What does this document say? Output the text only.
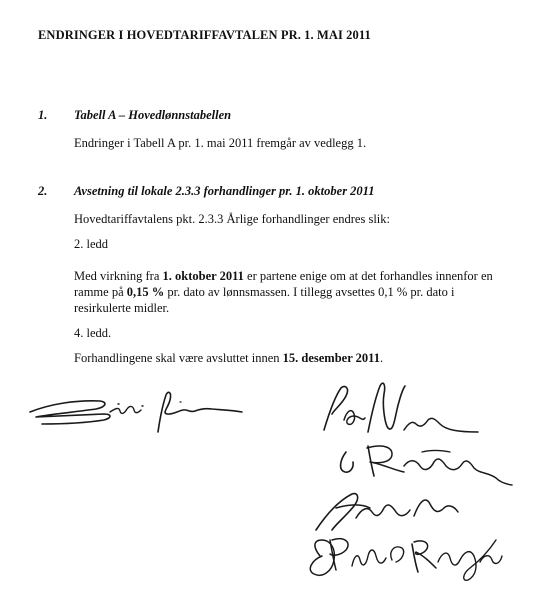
ENDRINGER I HOVEDTARIFFAVTALEN PR. 1. MAI 2011
1. Tabell A – Hovedlønnstabellen
Endringer i Tabell A pr. 1. mai 2011 fremgår av vedlegg 1.
2. Avsetning til lokale 2.3.3 forhandlinger pr. 1. oktober 2011
Hovedtariffavtalens pkt. 2.3.3 Årlige forhandlinger endres slik:
2. ledd
Med virkning fra 1. oktober 2011 er partene enige om at det forhandles innenfor en ramme på 0,15 % pr. dato av lønnsmassen. I tillegg avsettes 0,1 % pr. dato i resirkulerte midler.
4. ledd.
Forhandlingene skal være avsluttet innen 15. desember 2011.
